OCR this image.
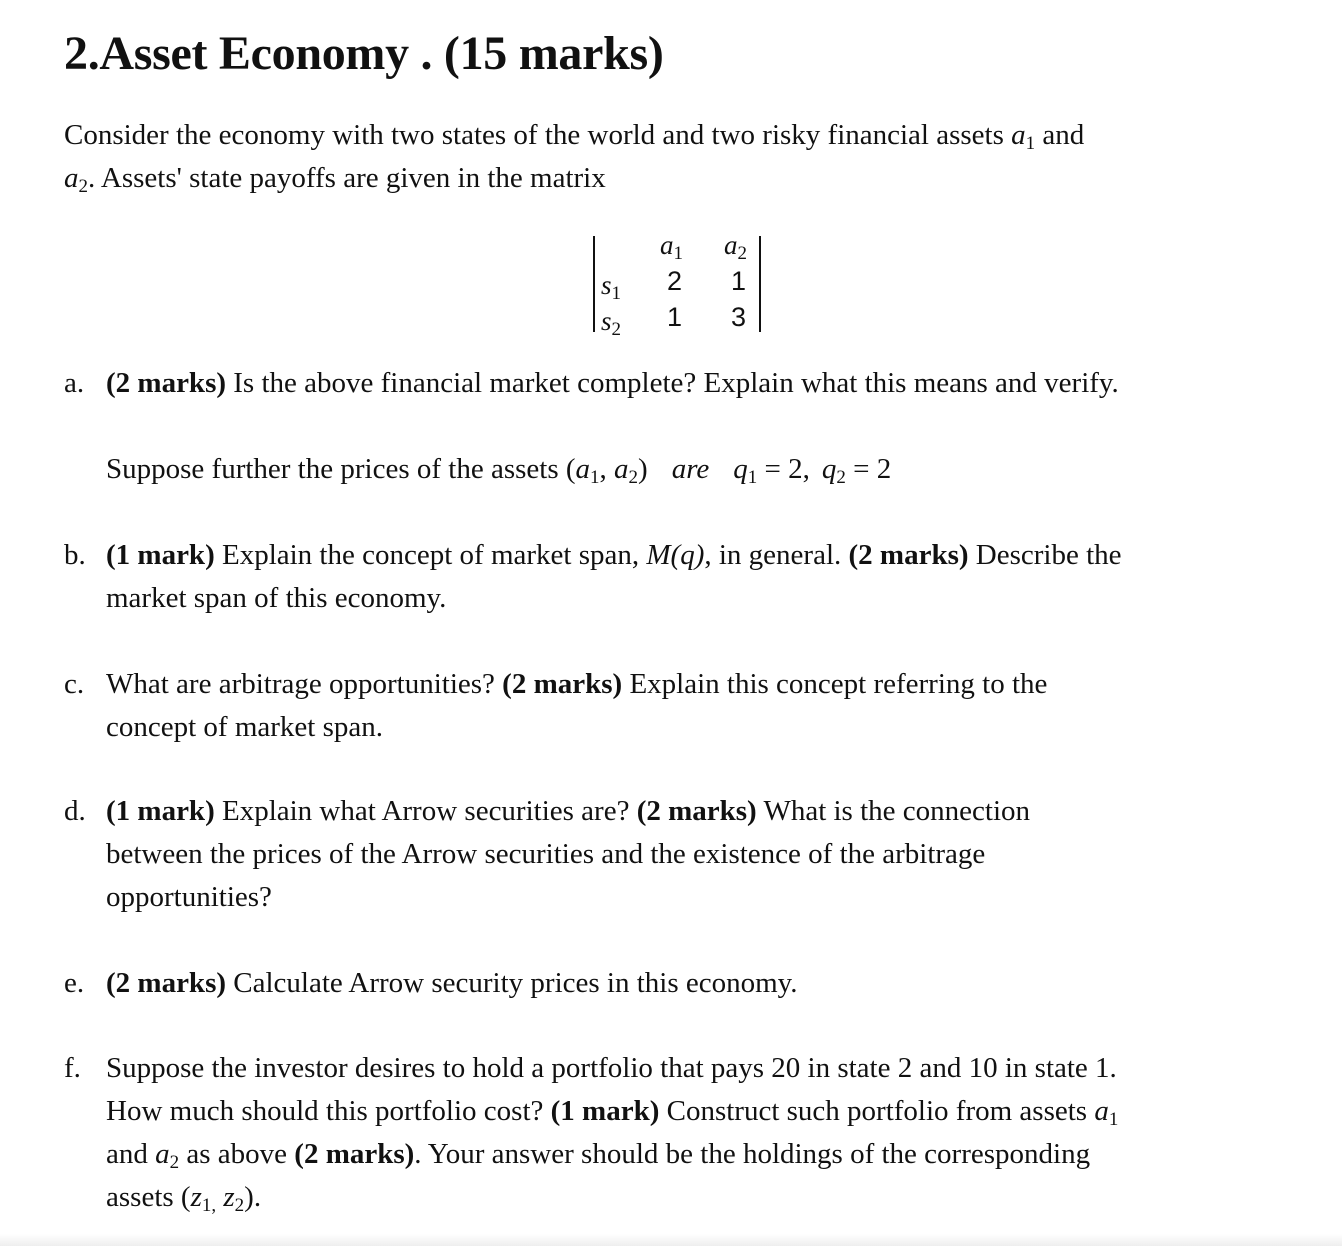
2.Asset Economy . (15 marks)
Consider the economy with two states of the world and two risky financial assets $a_1$ and
$a_2$. Assets' state payoffs are given in the matrix
$a_1$ $a_2$
$s_1$ 2 1
$s_2$ 1 3
a. (2 marks) Is the above financial market complete? Explain what this means and verify.
Suppose further the prices of the assets ($a_1$, $a_2$) are $q_1 = 2$, $q_2 = 2$
b. (1 mark) Explain the concept of market span, M(q), in general. (2 marks) Describe the
market span of this economy.
c. What are arbitrage opportunities? (2 marks) Explain this concept referring to the
concept of market span.
d. (1 mark) Explain what Arrow securities are? (2 marks) What is the connection
between the prices of the Arrow securities and the existence of the arbitrage
opportunities?
e. (2 marks) Calculate Arrow security prices in this economy.
f. Suppose the investor desires to hold a portfolio that pays 20 in state 2 and 10 in state 1.
How much should this portfolio cost? (1 mark) Construct such portfolio from assets $a_1$
and $a_2$ as above (2 marks). Your answer should be the holdings of the corresponding
assets ($z_{1,}$ $z_2$).
